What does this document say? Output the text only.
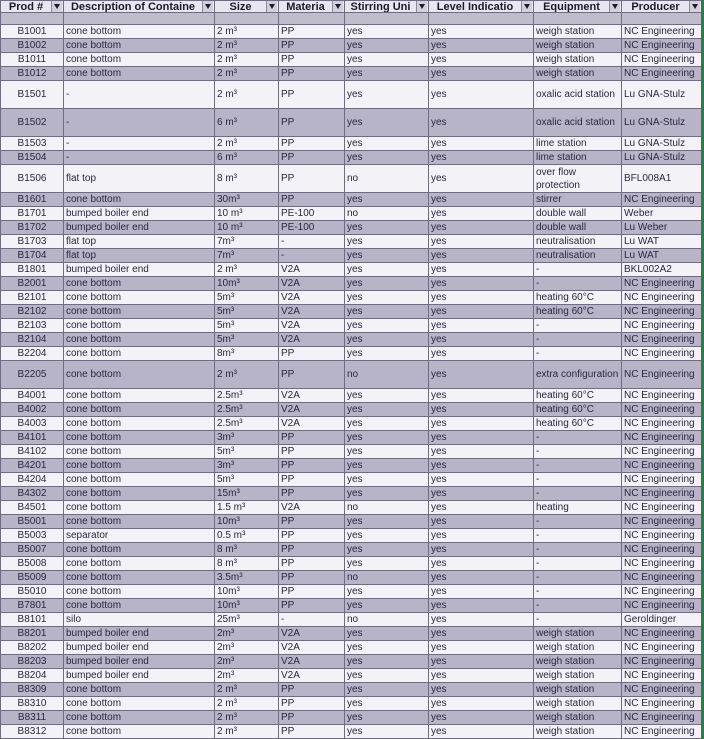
Prod #	Description of Containe	Size	Materia	Stirring Uni	Level Indicatio	Equipment	Producer

B1001	cone bottom	2 m³	PP	yes	yes	weigh station	NC Engineering
B1002	cone bottom	2 m³	PP	yes	yes	weigh station	NC Engineering
B1011	cone bottom	2 m³	PP	yes	yes	weigh station	NC Engineering
B1012	cone bottom	2 m³	PP	yes	yes	weigh station	NC Engineering
B1501	-	2 m³	PP	yes	yes	oxalic acid station	Lu GNA-Stulz
B1502	-	6 m³	PP	yes	yes	oxalic acid station	Lu GNA-Stulz
B1503	-	2 m³	PP	yes	yes	lime station	Lu GNA-Stulz
B1504	-	6 m³	PP	yes	yes	lime station	Lu GNA-Stulz
B1506	flat top	8 m³	PP	no	yes	over flow protection	BFL008A1
B1601	cone bottom	30m³	PP	yes	yes	stirrer	NC Engineering
B1701	bumped boiler end	10 m³	PE-100	no	yes	double wall	Weber
B1702	bumped boiler end	10 m³	PE-100	yes	yes	double wall	Lu Weber
B1703	flat top	7m³	-	yes	yes	neutralisation	Lu WAT
B1704	flat top	7m³	-	yes	yes	neutralisation	Lu WAT
B1801	bumped boiler end	2 m³	V2A	yes	yes	-	BKL002A2
B2001	cone bottom	10m³	V2A	yes	yes	-	NC Engineering
B2101	cone bottom	5m³	V2A	yes	yes	heating 60°C	NC Engineering
B2102	cone bottom	5m³	V2A	yes	yes	heating 60°C	NC Engineering
B2103	cone bottom	5m³	V2A	yes	yes	-	NC Engineering
B2104	cone bottom	5m³	V2A	yes	yes	-	NC Engineering
B2204	cone bottom	8m³	PP	yes	yes	-	NC Engineering
B2205	cone bottom	2 m³	PP	no	yes	extra configuration	NC Engineering
B4001	cone bottom	2.5m³	V2A	yes	yes	heating 60°C	NC Engineering
B4002	cone bottom	2.5m³	V2A	yes	yes	heating 60°C	NC Engineering
B4003	cone bottom	2.5m³	V2A	yes	yes	heating 60°C	NC Engineering
B4101	cone bottom	3m³	PP	yes	yes	-	NC Engineering
B4102	cone bottom	5m³	PP	yes	yes	-	NC Engineering
B4201	cone bottom	3m³	PP	yes	yes	-	NC Engineering
B4204	cone bottom	5m³	PP	yes	yes	-	NC Engineering
B4302	cone bottom	15m³	PP	yes	yes	-	NC Engineering
B4501	cone bottom	1.5 m³	V2A	no	yes	heating	NC Engineering
B5001	cone bottom	10m³	PP	yes	yes	-	NC Engineering
B5003	separator	0.5 m³	PP	yes	yes	-	NC Engineering
B5007	cone bottom	8 m³	PP	yes	yes	-	NC Engineering
B5008	cone bottom	8 m³	PP	yes	yes	-	NC Engineering
B5009	cone bottom	3.5m³	PP	no	yes	-	NC Engineering
B5010	cone bottom	10m³	PP	yes	yes	-	NC Engineering
B7801	cone bottom	10m³	PP	yes	yes	-	NC Engineering
B8101	silo	25m³	-	no	yes	-	Geroldinger
B8201	bumped boiler end	2m³	V2A	yes	yes	weigh station	NC Engineering
B8202	bumped boiler end	2m³	V2A	yes	yes	weigh station	NC Engineering
B8203	bumped boiler end	2m³	V2A	yes	yes	weigh station	NC Engineering
B8204	bumped boiler end	2m³	V2A	yes	yes	weigh station	NC Engineering
B8309	cone bottom	2 m³	PP	yes	yes	weigh station	NC Engineering
B8310	cone bottom	2 m³	PP	yes	yes	weigh station	NC Engineering
B8311	cone bottom	2 m³	PP	yes	yes	weigh station	NC Engineering
B8312	cone bottom	2 m³	PP	yes	yes	weigh station	NC Engineering
